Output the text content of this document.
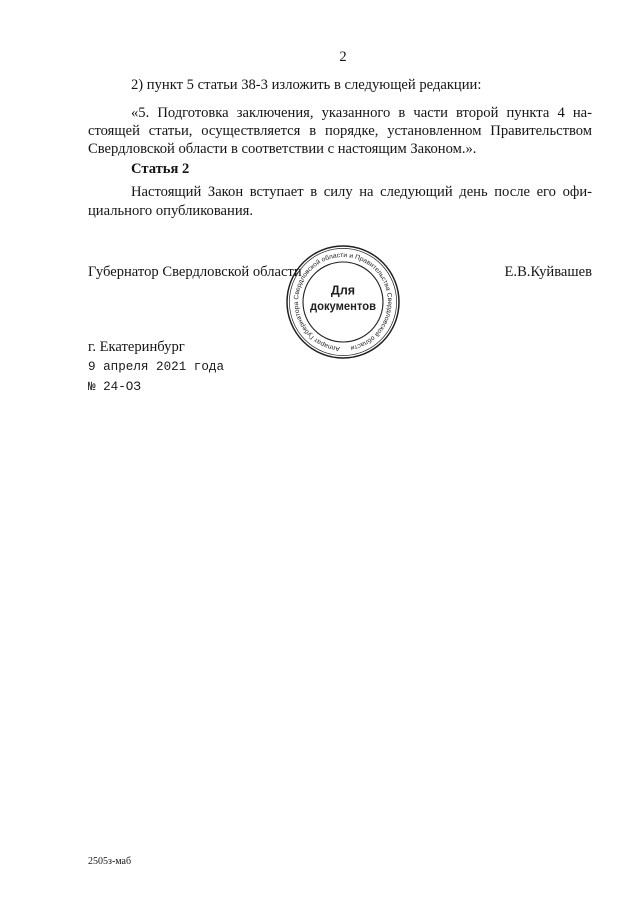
2
2) пункт 5 статьи 38-3 изложить в следующей редакции:
«5. Подготовка заключения, указанного в части второй пункта 4 на-
стоящей статьи, осуществляется в порядке, установленном Правительством
Свердловской области в соответствии с настоящим Законом.».
Статья 2
Настоящий Закон вступает в силу на следующий день после его офи-
циального опубликования.
Губернатор Свердловской области	Е.В.Куйвашев
Аппарат Губернатора Свердловской области и Правительства Свердловской области
Для
документов
г. Екатеринбург
9 апреля 2021 года
№ 24-ОЗ
2505з-маб
